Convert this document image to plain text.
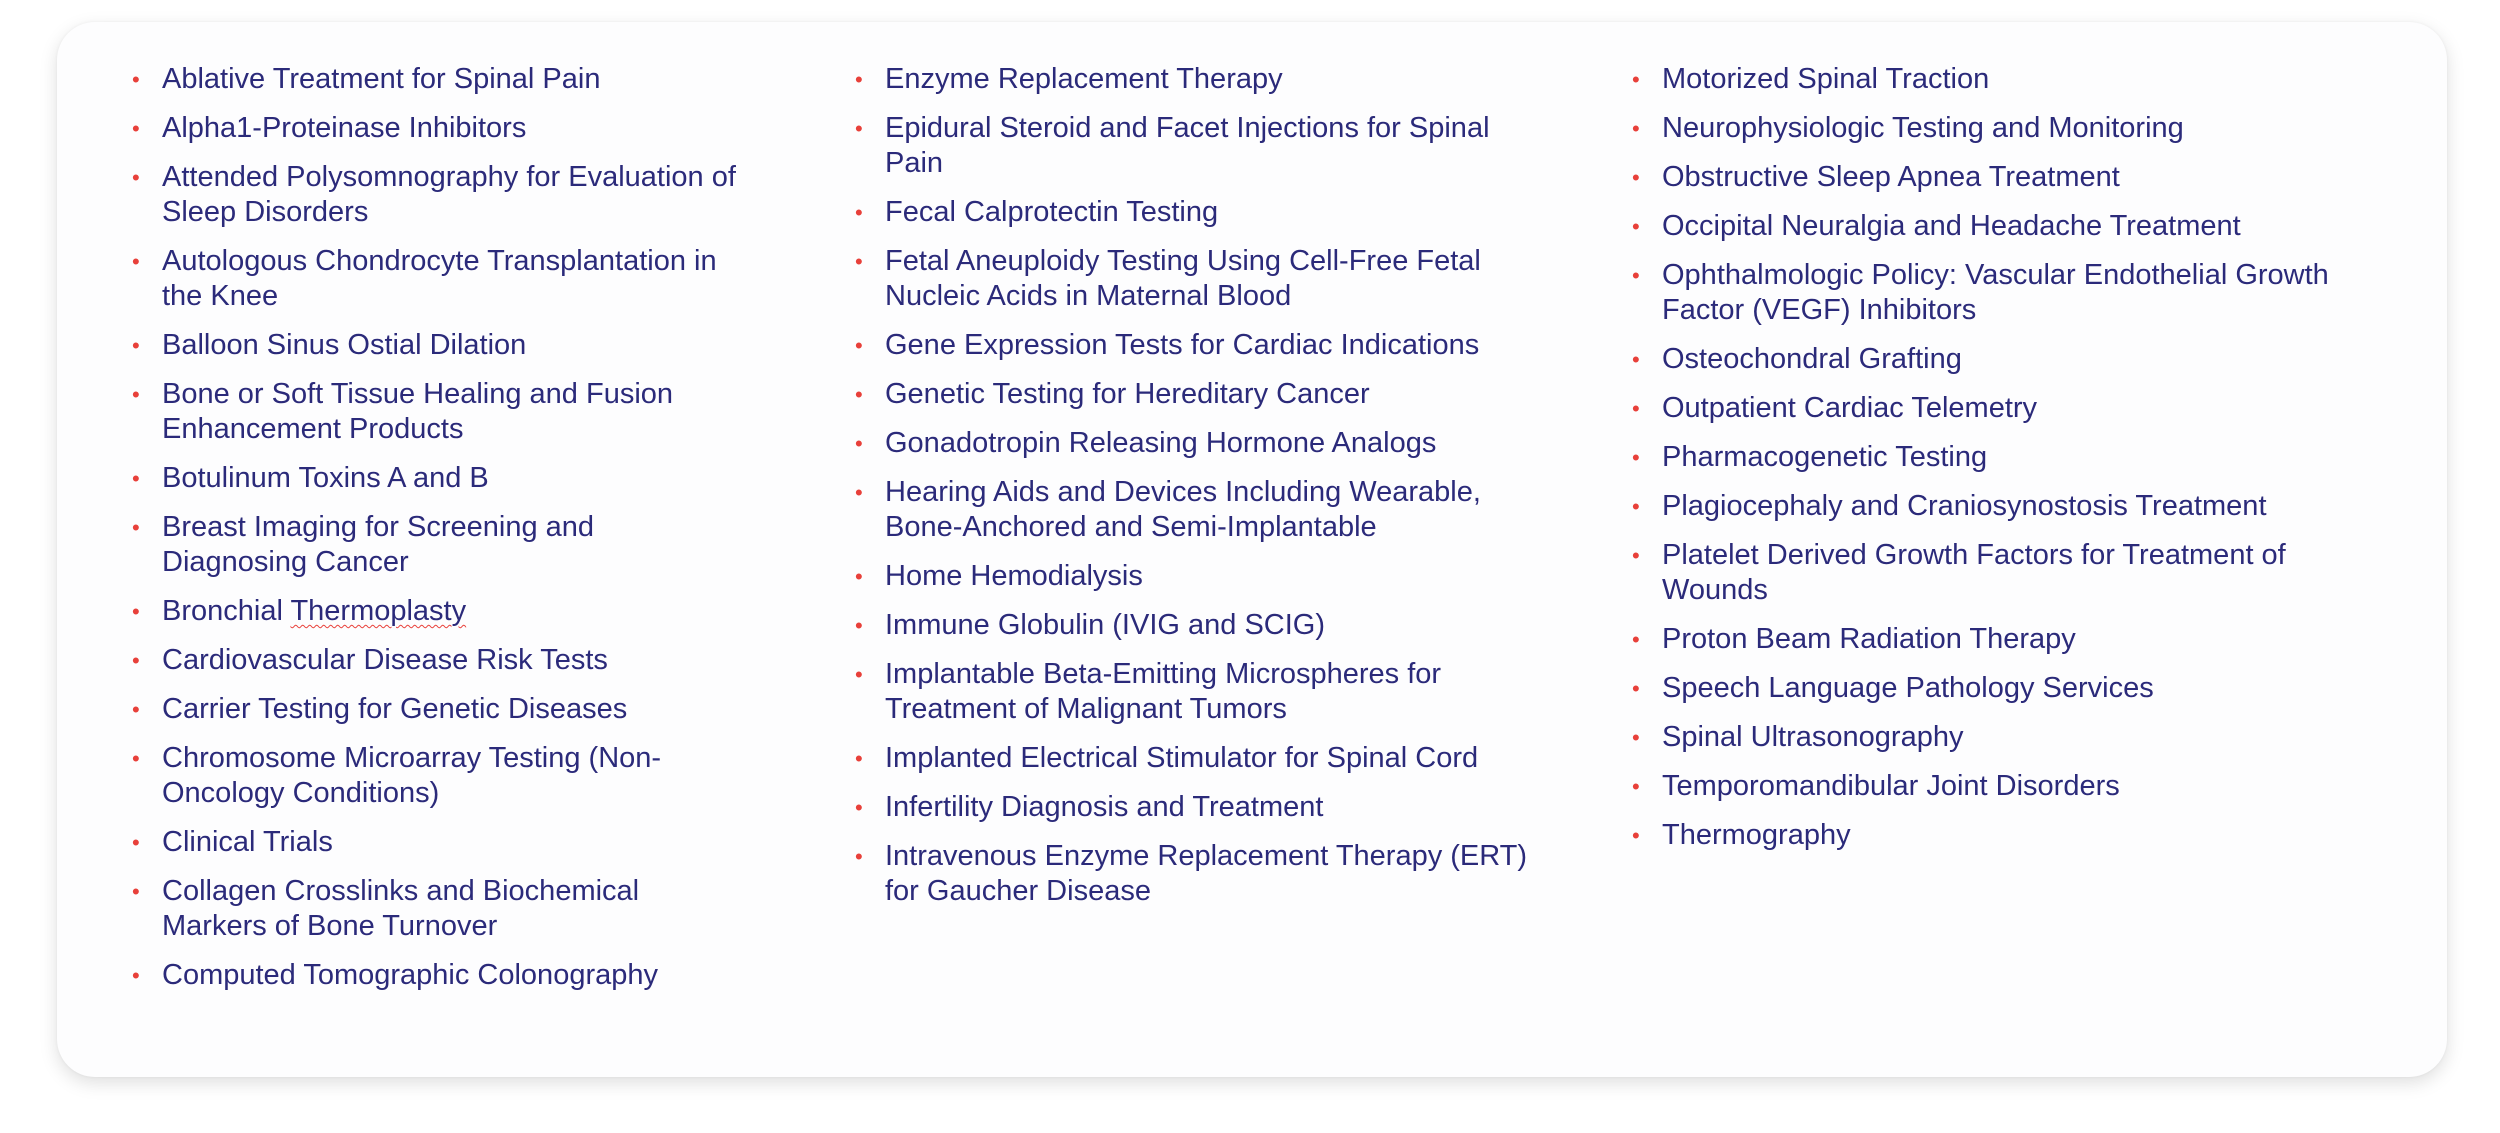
• Ablative Treatment for Spinal Pain
• Alpha1-Proteinase Inhibitors
• Attended Polysomnography for Evaluation of Sleep Disorders
• Autologous Chondrocyte Transplantation in the Knee
• Balloon Sinus Ostial Dilation
• Bone or Soft Tissue Healing and Fusion Enhancement Products
• Botulinum Toxins A and B
• Breast Imaging for Screening and Diagnosing Cancer
• Bronchial Thermoplasty
• Cardiovascular Disease Risk Tests
• Carrier Testing for Genetic Diseases
• Chromosome Microarray Testing (Non-Oncology Conditions)
• Clinical Trials
• Collagen Crosslinks and Biochemical Markers of Bone Turnover
• Computed Tomographic Colonography
• Enzyme Replacement Therapy
• Epidural Steroid and Facet Injections for Spinal Pain
• Fecal Calprotectin Testing
• Fetal Aneuploidy Testing Using Cell-Free Fetal Nucleic Acids in Maternal Blood
• Gene Expression Tests for Cardiac Indications
• Genetic Testing for Hereditary Cancer
• Gonadotropin Releasing Hormone Analogs
• Hearing Aids and Devices Including Wearable, Bone-Anchored and Semi-Implantable
• Home Hemodialysis
• Immune Globulin (IVIG and SCIG)
• Implantable Beta-Emitting Microspheres for Treatment of Malignant Tumors
• Implanted Electrical Stimulator for Spinal Cord
• Infertility Diagnosis and Treatment
• Intravenous Enzyme Replacement Therapy (ERT) for Gaucher Disease
• Motorized Spinal Traction
• Neurophysiologic Testing and Monitoring
• Obstructive Sleep Apnea Treatment
• Occipital Neuralgia and Headache Treatment
• Ophthalmologic Policy: Vascular Endothelial Growth Factor (VEGF) Inhibitors
• Osteochondral Grafting
• Outpatient Cardiac Telemetry
• Pharmacogenetic Testing
• Plagiocephaly and Craniosynostosis Treatment
• Platelet Derived Growth Factors for Treatment of Wounds
• Proton Beam Radiation Therapy
• Speech Language Pathology Services
• Spinal Ultrasonography
• Temporomandibular Joint Disorders
• Thermography
